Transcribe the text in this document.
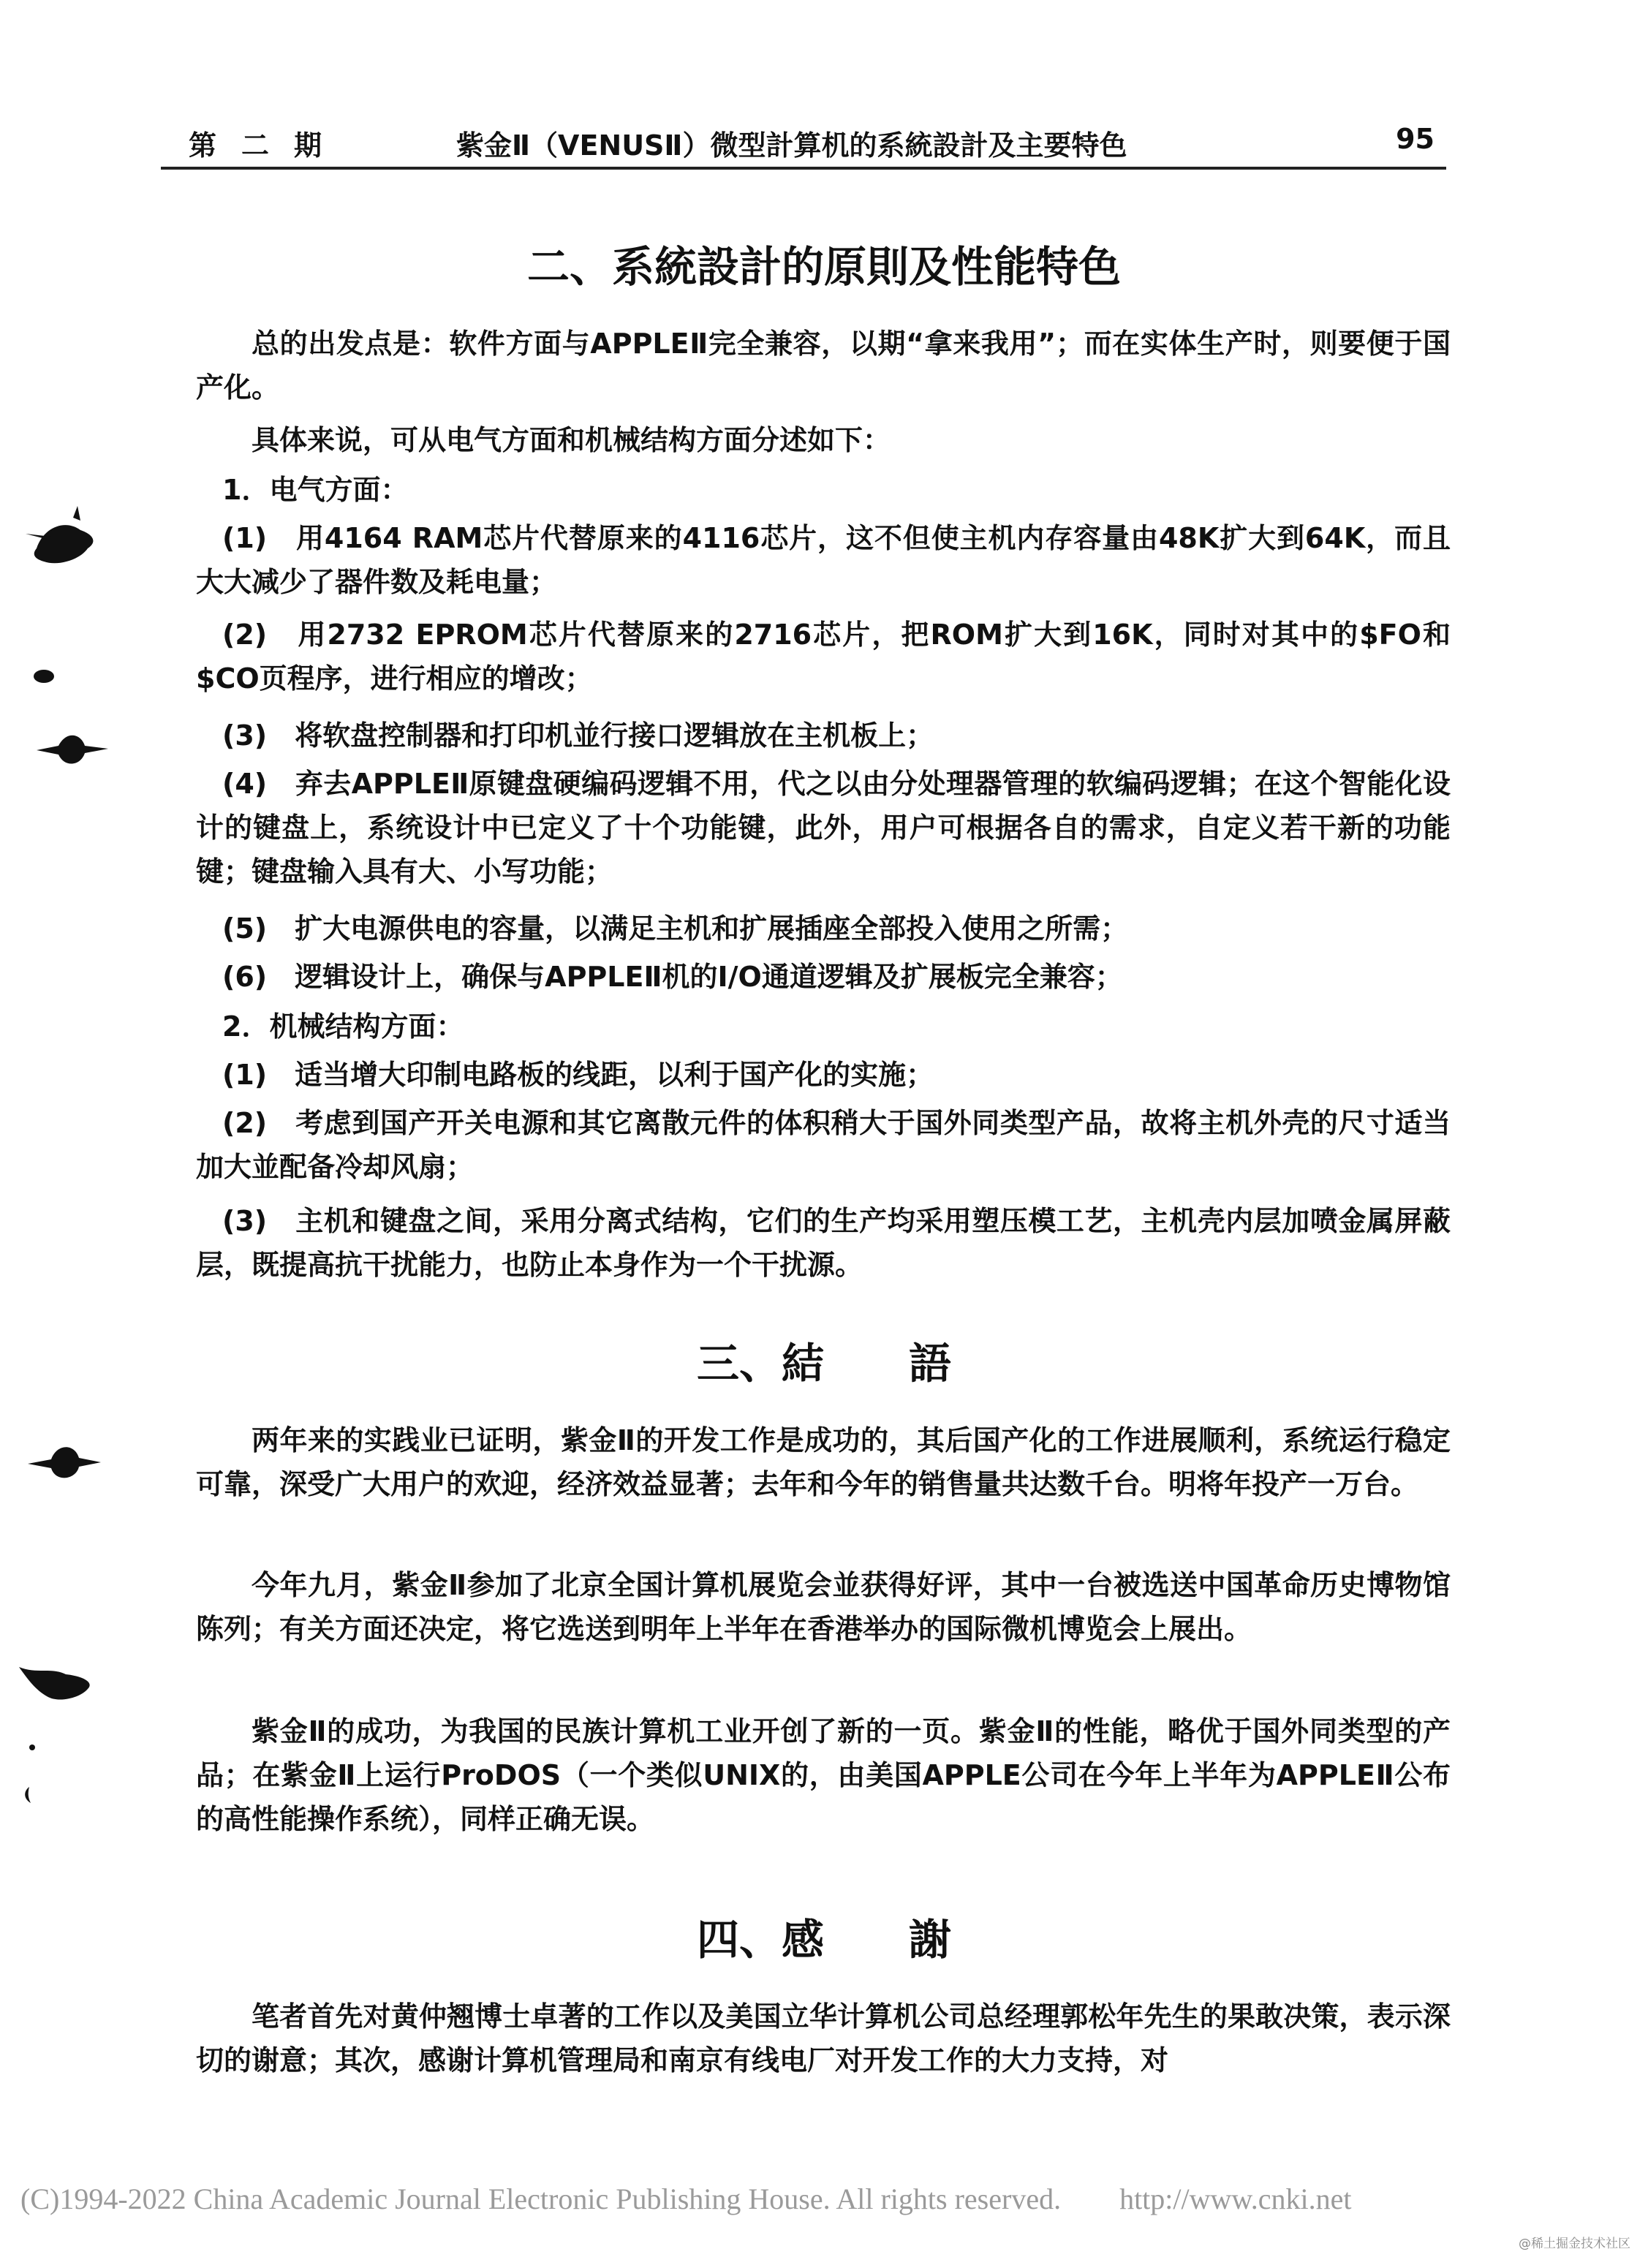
第二期	紫金Ⅱ（VENUSⅡ）微型計算机的系統設計及主要特色	95
二、系統設計的原則及性能特色
总的出发点是：软件方面与APPLEⅡ完全兼容，以期“拿来我用”；而在实体生产时，则要便于国产化。
具体来说，可从电气方面和机械结构方面分述如下：
1．电气方面：
(1)　用4164 RAM芯片代替原来的4116芯片，这不但使主机内存容量由48K扩大到64K，而且大大减少了器件数及耗电量；
(2)　用2732 EPROM芯片代替原来的2716芯片，把ROM扩大到16K，同时对其中的$FO和$CO页程序，进行相应的增改；
(3)　将软盘控制器和打印机並行接口逻辑放在主机板上；
(4)　弃去APPLEⅡ原键盘硬编码逻辑不用，代之以由分处理器管理的软编码逻辑；在这个智能化设计的键盘上，系统设计中已定义了十个功能键，此外，用户可根据各自的需求，自定义若干新的功能键；键盘输入具有大、小写功能；
(5)　扩大电源供电的容量，以满足主机和扩展插座全部投入使用之所需；
(6)　逻辑设计上，确保与APPLEⅡ机的I/O通道逻辑及扩展板完全兼容；
2．机械结构方面：
(1)　适当增大印制电路板的线距，以利于国产化的实施；
(2)　考虑到国产开关电源和其它离散元件的体积稍大于国外同类型产品，故将主机外壳的尺寸适当加大並配备冷却风扇；
(3)　主机和键盘之间，采用分离式结构，它们的生产均采用塑压模工艺，主机壳内层加喷金属屏蔽层，既提高抗干扰能力，也防止本身作为一个干扰源。
三、結　　語
两年来的实践业已证明，紫金Ⅱ的开发工作是成功的，其后国产化的工作进展顺利，系统运行稳定可靠，深受广大用户的欢迎，经济效益显著；去年和今年的销售量共达数千台。明将年投产一万台。
今年九月，紫金Ⅱ参加了北京全国计算机展览会並获得好评，其中一台被选送中国革命历史博物馆陈列；有关方面还决定，将它选送到明年上半年在香港举办的国际微机博览会上展出。
紫金Ⅱ的成功，为我国的民族计算机工业开创了新的一页。紫金Ⅱ的性能，略优于国外同类型的产品；在紫金Ⅱ上运行ProDOS（一个类似UNIX的，由美国APPLE公司在今年上半年为APPLEⅡ公布的高性能操作系统），同样正确无误。
四、感　　謝
笔者首先对黄仲翘博士卓著的工作以及美国立华计算机公司总经理郭松年先生的果敢决策，表示深切的谢意；其次，感谢计算机管理局和南京有线电厂对开发工作的大力支持，对
(C)1994-2022 China Academic Journal Electronic Publishing House. All rights reserved.　　http://www.cnki.net
@稀土掘金技术社区
